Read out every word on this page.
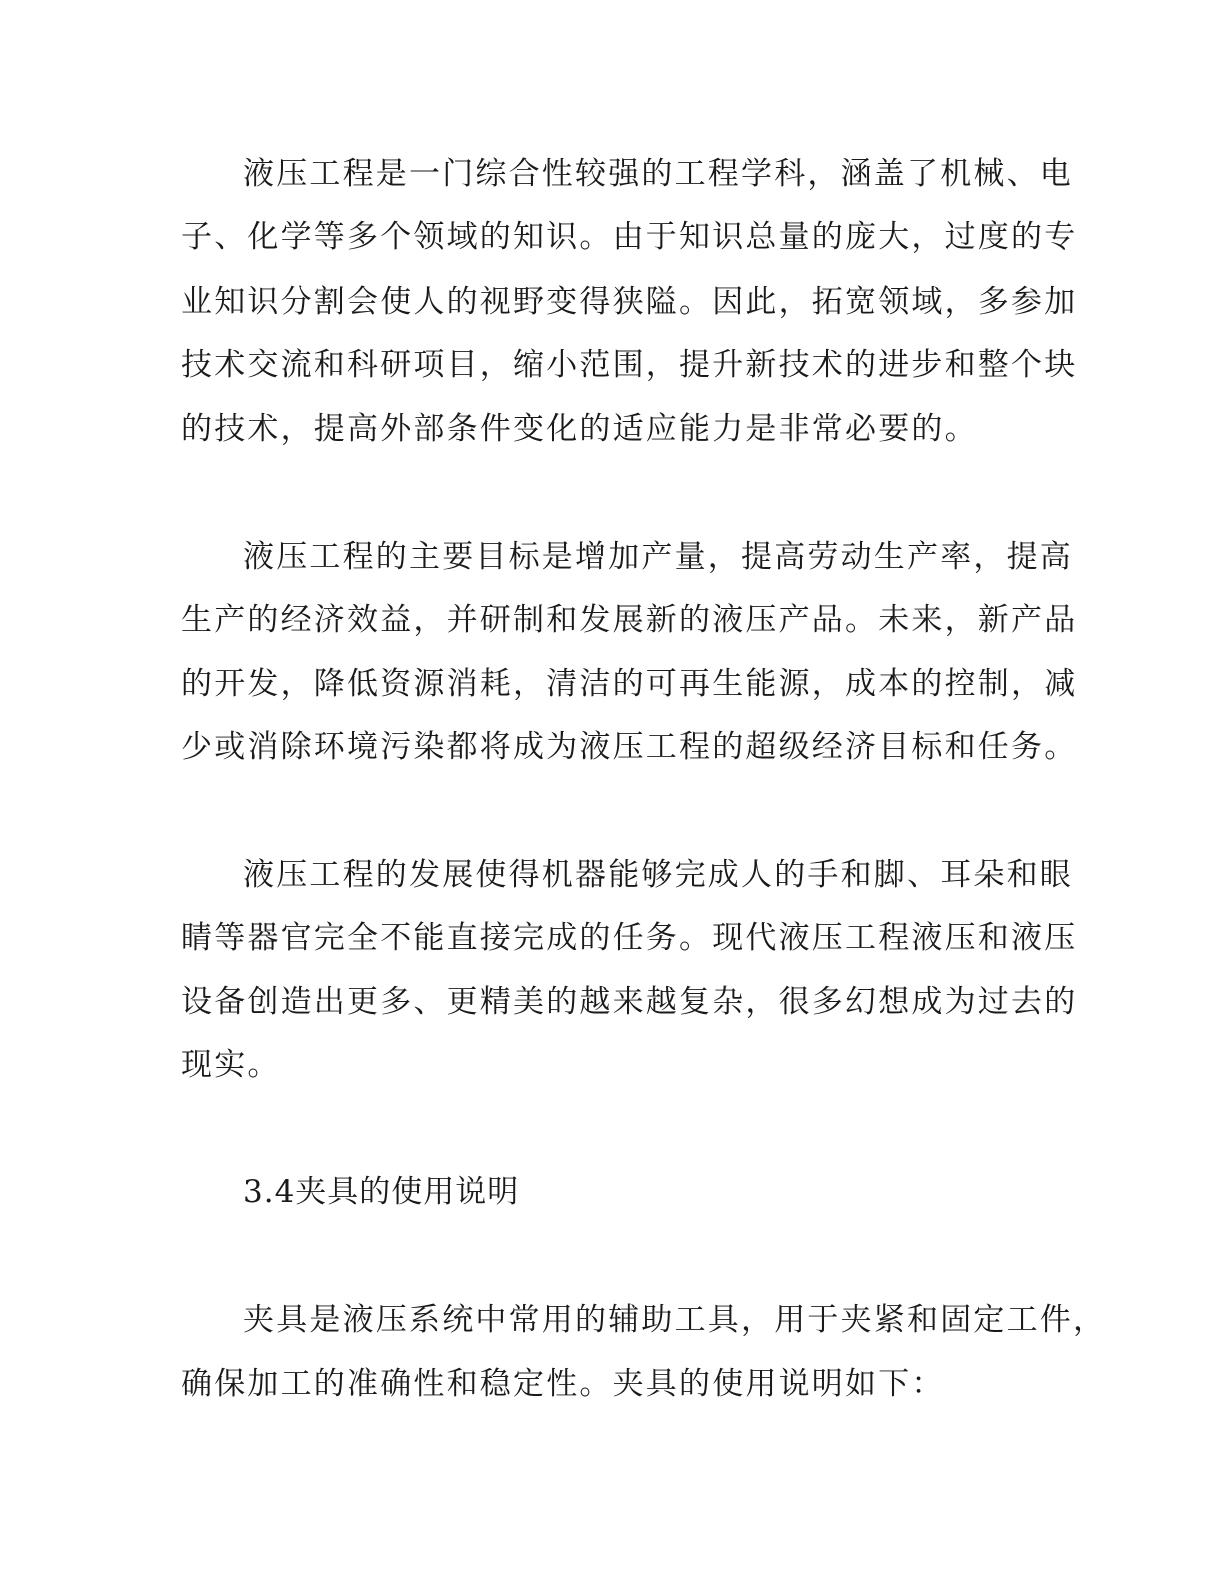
液压工程是一门综合性较强的工程学科，涵盖了机械、电
子、化学等多个领域的知识。由于知识总量的庞大，过度的专
业知识分割会使人的视野变得狭隘。因此，拓宽领域，多参加
技术交流和科研项目，缩小范围，提升新技术的进步和整个块
的技术，提高外部条件变化的适应能力是非常必要的。
液压工程的主要目标是增加产量，提高劳动生产率，提高
生产的经济效益，并研制和发展新的液压产品。未来，新产品
的开发，降低资源消耗，清洁的可再生能源，成本的控制，减
少或消除环境污染都将成为液压工程的超级经济目标和任务。
液压工程的发展使得机器能够完成人的手和脚、耳朵和眼
睛等器官完全不能直接完成的任务。现代液压工程液压和液压
设备创造出更多、更精美的越来越复杂，很多幻想成为过去的
现实。
3.4夹具的使用说明
夹具是液压系统中常用的辅助工具，用于夹紧和固定工件，
确保加工的准确性和稳定性。夹具的使用说明如下：
